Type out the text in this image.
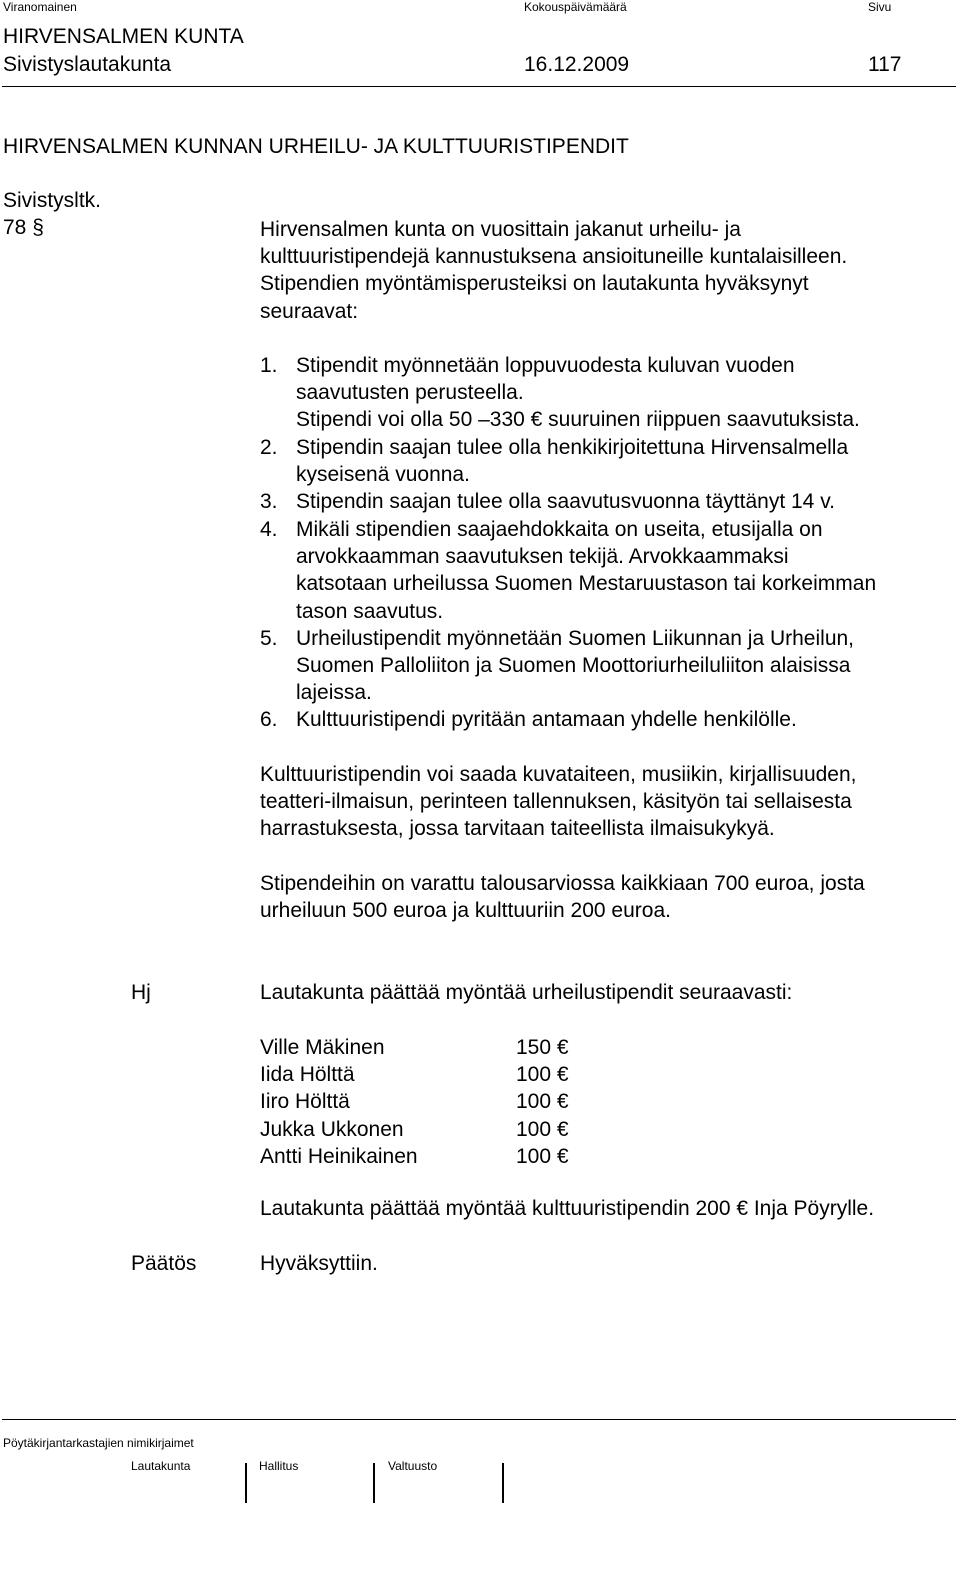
Viranomainen	Kokouspäivämäärä	Sivu
HIRVENSALMEN KUNTA
Sivistyslautakunta	16.12.2009	117
HIRVENSALMEN KUNNAN URHEILU- JA KULTTUURISTIPENDIT
Sivistysltk.
78 §	Hirvensalmen kunta on vuosittain jakanut urheilu- ja
kulttuuristipendejä kannustuksena ansioituneille kuntalaisilleen.
Stipendien myöntämisperusteiksi on lautakunta hyväksynyt
seuraavat:
1. Stipendit myönnetään loppuvuodesta kuluvan vuoden
saavutusten perusteella.
Stipendi voi olla 50 –330 € suuruinen riippuen saavutuksista.
2. Stipendin saajan tulee olla henkikirjoitettuna Hirvensalmella
kyseisenä vuonna.
3. Stipendin saajan tulee olla saavutusvuonna täyttänyt 14 v.
4. Mikäli stipendien saajaehdokkaita on useita, etusijalla on
arvokkaamman saavutuksen tekijä. Arvokkaammaksi
katsotaan urheilussa Suomen Mestaruustason tai korkeimman
tason saavutus.
5. Urheilustipendit myönnetään Suomen Liikunnan ja Urheilun,
Suomen Palloliiton ja Suomen Moottoriurheiluliiton alaisissa
lajeissa.
6. Kulttuuristipendi pyritään antamaan yhdelle henkilölle.
Kulttuuristipendin voi saada kuvataiteen, musiikin, kirjallisuuden,
teatteri-ilmaisun, perinteen tallennuksen, käsityön tai sellaisesta
harrastuksesta, jossa tarvitaan taiteellista ilmaisukykyä.
Stipendeihin on varattu talousarviossa kaikkiaan 700 euroa, josta
urheiluun 500 euroa ja kulttuuriin 200 euroa.
Hj	Lautakunta päättää myöntää urheilustipendit seuraavasti:
Ville Mäkinen	150 €
Iida Hölttä	100 €
Iiro Hölttä	100 €
Jukka Ukkonen	100 €
Antti Heinikainen	100 €
Lautakunta päättää myöntää kulttuuristipendin 200 € Inja Pöyrylle.
Päätös	Hyväksyttiin.
Pöytäkirjantarkastajien nimikirjaimet
Lautakunta	Hallitus	Valtuusto
